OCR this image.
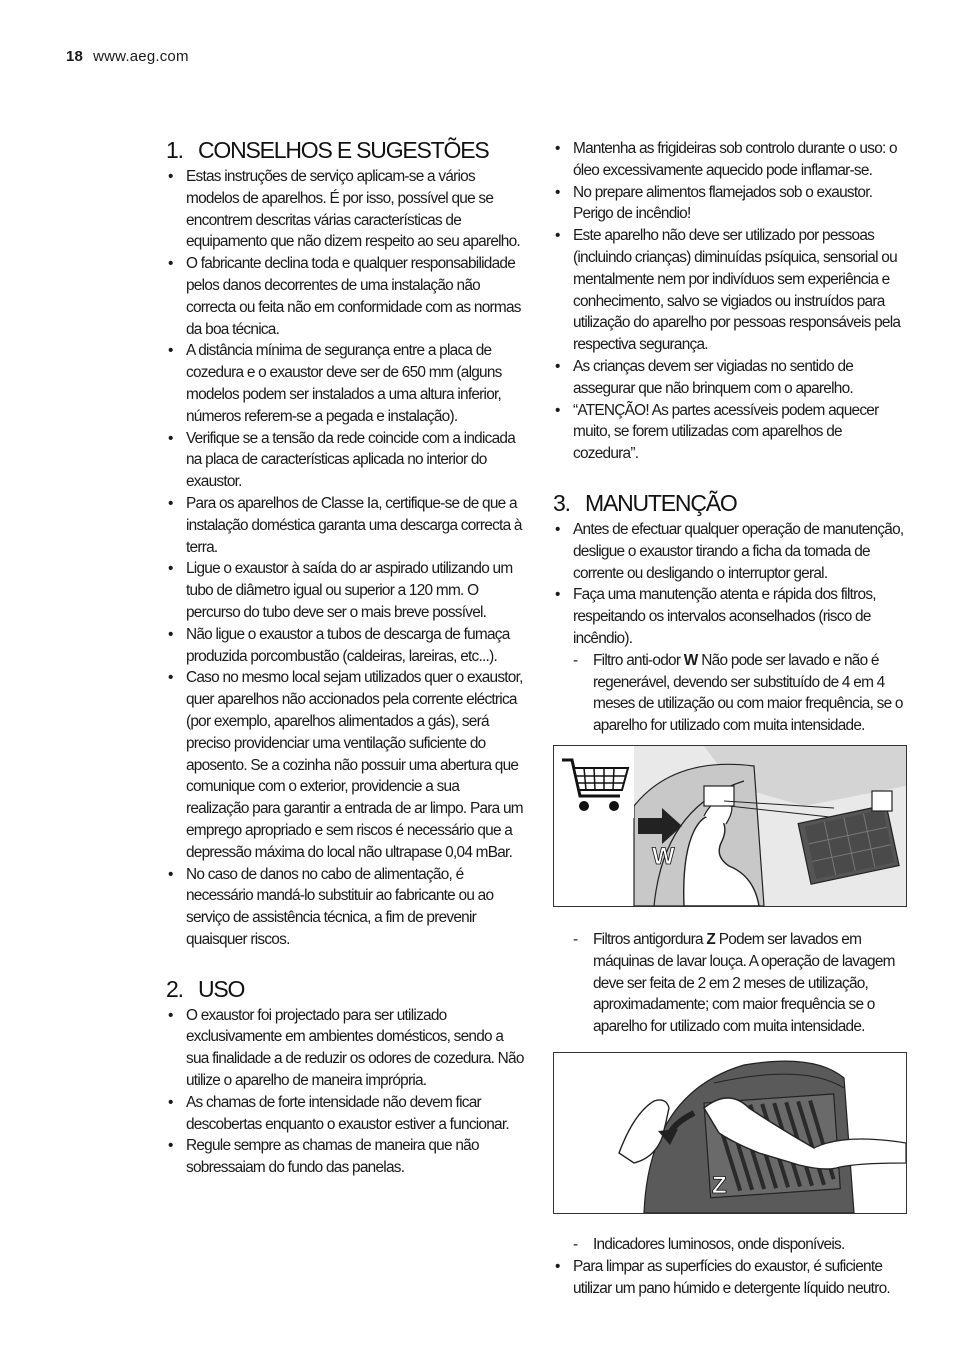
18 www.aeg.com
1. CONSELHOS E SUGESTÕES
• Estas instruções de serviço aplicam-se a vários modelos de aparelhos. É por isso, possível que se encontrem descritas várias características de equipamento que não dizem respeito ao seu aparelho.
• O fabricante declina toda e qualquer responsabilidade pelos danos decorrentes de uma instalação não correcta ou feita não em conformidade com as normas da boa técnica.
• A distância mínima de segurança entre a placa de cozedura e o exaustor deve ser de 650 mm (alguns modelos podem ser instalados a uma altura inferior, números referem-se a pegada e instalação).
• Verifique se a tensão da rede coincide com a indicada na placa de características aplicada no interior do exaustor.
• Para os aparelhos de Classe Ia, certifique-se de que a instalação doméstica garanta uma descarga correcta à terra.
• Ligue o exaustor à saída do ar aspirado utilizando um tubo de diâmetro igual ou superior a 120 mm. O percurso do tubo deve ser o mais breve possível.
• Não ligue o exaustor a tubos de descarga de fumaça produzida porcombustão (caldeiras, lareiras, etc...).
• Caso no mesmo local sejam utilizados quer o exaustor, quer aparelhos não accionados pela corrente eléctrica (por exemplo, aparelhos alimentados a gás), será preciso providenciar uma ventilação suficiente do aposento. Se a cozinha não possuir uma abertura que comunique com o exterior, providencie a sua realização para garantir a entrada de ar limpo. Para um emprego apropriado e sem riscos é necessário que a depressão máxima do local não ultrapase 0,04 mBar.
• No caso de danos no cabo de alimentação, é necessário mandá-lo substituir ao fabricante ou ao serviço de assistência técnica, a fim de prevenir quaisquer riscos.
2. USO
• O exaustor foi projectado para ser utilizado exclusivamente em ambientes domésticos, sendo a sua finalidade a de reduzir os odores de cozedura. Não utilize o aparelho de maneira imprópria.
• As chamas de forte intensidade não devem ficar descobertas enquanto o exaustor estiver a funcionar.
• Regule sempre as chamas de maneira que não sobressaiam do fundo das panelas.
• Mantenha as frigideiras sob controlo durante o uso: o óleo excessivamente aquecido pode inflamar-se.
• No prepare alimentos flamejados sob o exaustor. Perigo de incêndio!
• Este aparelho não deve ser utilizado por pessoas (incluindo crianças) diminuídas psíquica, sensorial ou mentalmente nem por indivíduos sem experiência e conhecimento, salvo se vigiados ou instruídos para utilização do aparelho por pessoas responsáveis pela respectiva segurança.
• As crianças devem ser vigiadas no sentido de assegurar que não brinquem com o aparelho.
• “ATENÇÃO! As partes acessíveis podem aquecer muito, se forem utilizadas com aparelhos de cozedura”.
3. MANUTENÇÃO
• Antes de efectuar qualquer operação de manutenção, desligue o exaustor tirando a ficha da tomada de corrente ou desligando o interruptor geral.
• Faça uma manutenção atenta e rápida dos filtros, respeitando os intervalos aconselhados (risco de incêndio).
- Filtro anti-odor W Não pode ser lavado e não é regenerável, devendo ser substituído de 4 em 4 meses de utilização ou com maior frequência, se o aparelho for utilizado com muita intensidade.
W
- Filtros antigordura Z Podem ser lavados em máquinas de lavar louça. A operação de lavagem deve ser feita de 2 em 2 meses de utilização, aproximadamente; com maior frequência se o aparelho for utilizado com muita intensidade.
Z
- Indicadores luminosos, onde disponíveis.
• Para limpar as superfícies do exaustor, é suficiente utilizar um pano húmido e detergente líquido neutro.
